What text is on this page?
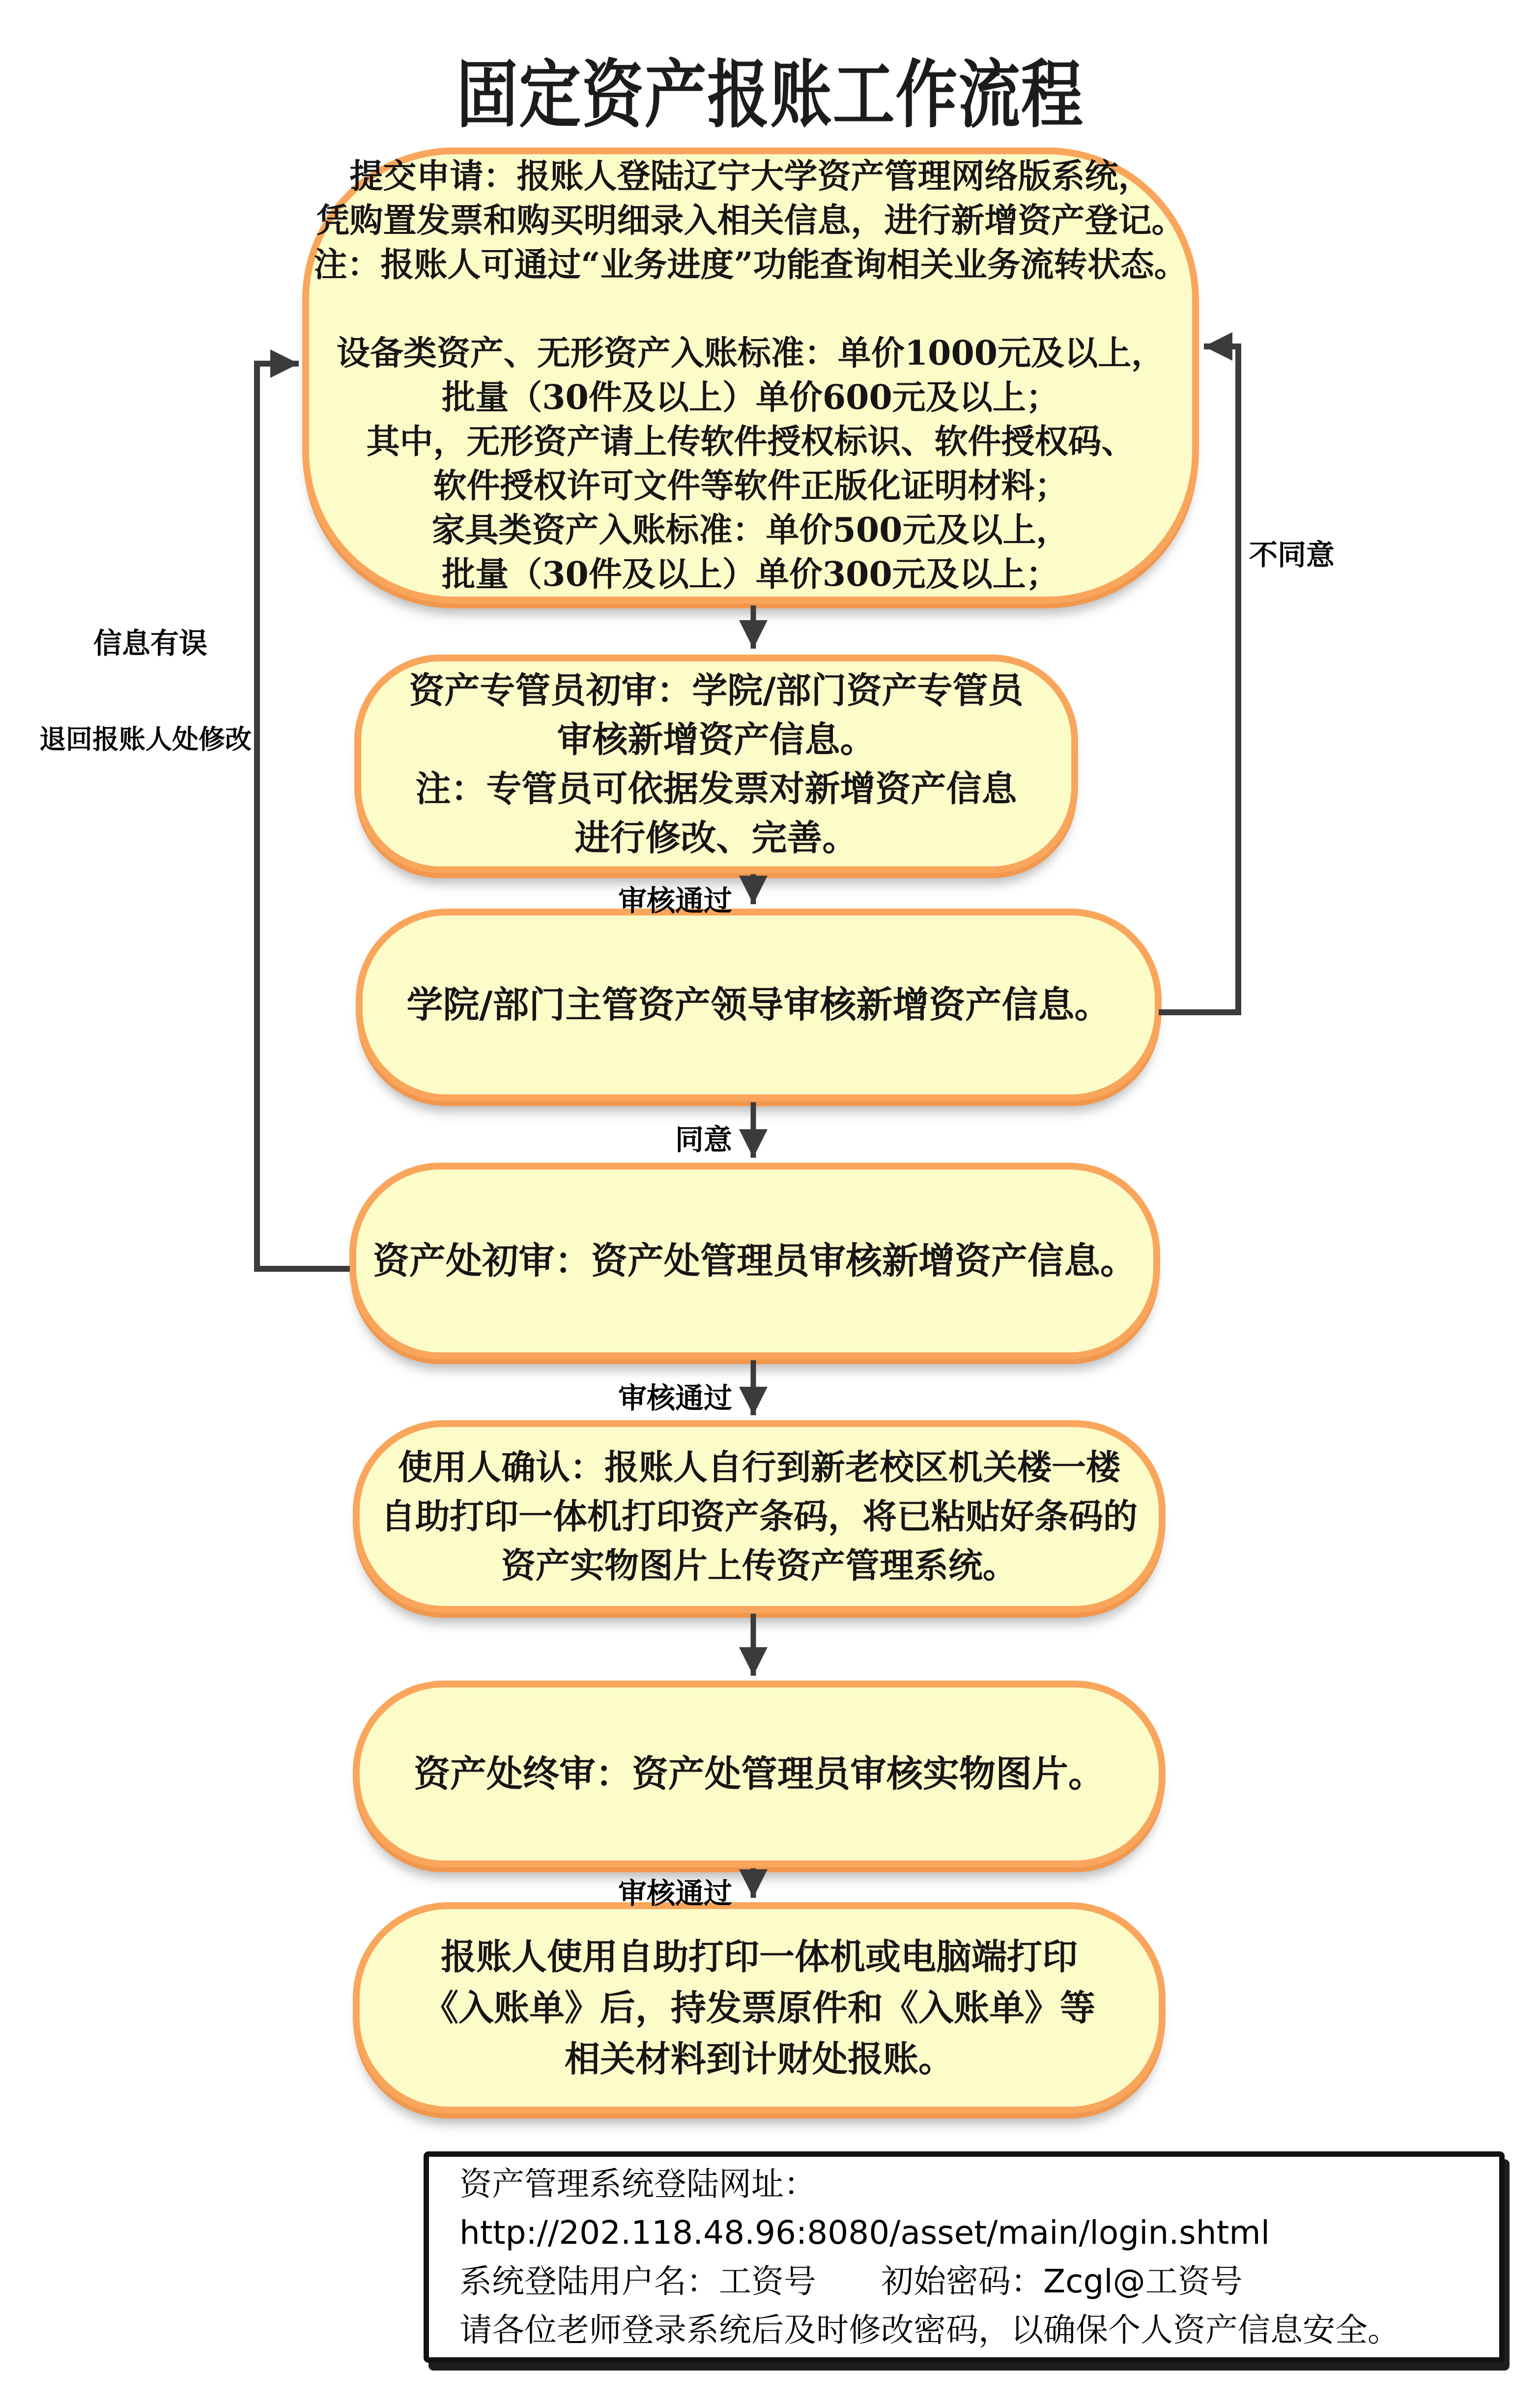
固定资产报账工作流程
提交申请：报账人登陆辽宁大学资产管理网络版系统，
凭购置发票和购买明细录入相关信息，进行新增资产登记。
注：报账人可通过“业务进度”功能查询相关业务流转状态。
设备类资产、无形资产入账标准：单价1000元及以上，
批量（30件及以上）单价600元及以上；
其中，无形资产请上传软件授权标识、软件授权码、
软件授权许可文件等软件正版化证明材料；
家具类资产入账标准：单价500元及以上，
批量（30件及以上）单价300元及以上；
资产专管员初审：学院/部门资产专管员
审核新增资产信息。
注：专管员可依据发票对新增资产信息
进行修改、完善。
学院/部门主管资产领导审核新增资产信息。
资产处初审：资产处管理员审核新增资产信息。
使用人确认：报账人自行到新老校区机关楼一楼
自助打印一体机打印资产条码，将已粘贴好条码的
资产实物图片上传资产管理系统。
资产处终审：资产处管理员审核实物图片。
报账人使用自助打印一体机或电脑端打印
《入账单》后，持发票原件和《入账单》等
相关材料到计财处报账。
审核通过
同意
审核通过
审核通过
信息有误
退回报账人处修改
不同意
资产管理系统登陆网址：
http://202.118.48.96:8080/asset/main/login.shtml
系统登陆用户名：工资号　　初始密码：Zcgl@工资号
请各位老师登录系统后及时修改密码，以确保个人资产信息安全。
